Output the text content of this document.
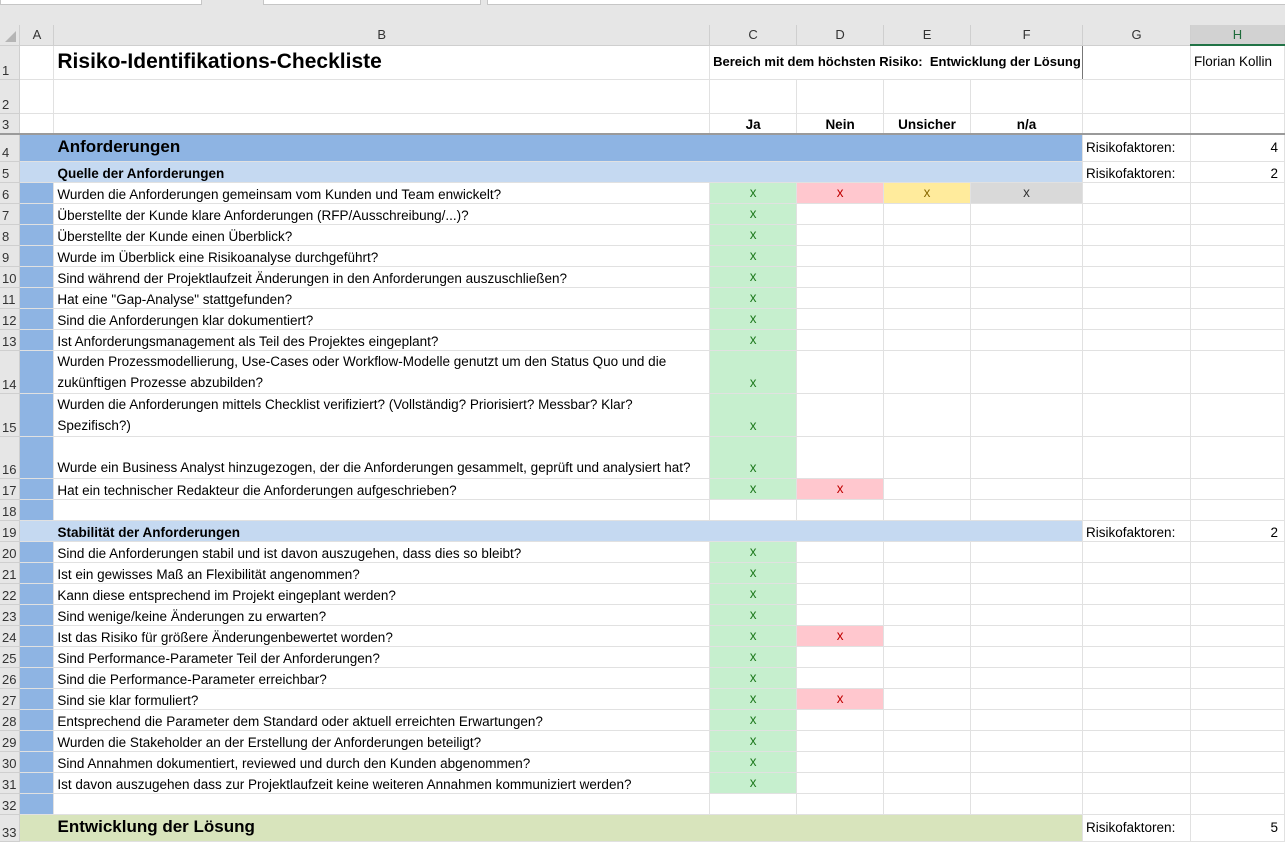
	A	B	C	D	E	F	G	H
1		Risiko-Identifikations-Checkliste	Bereich mit dem höchsten Risiko: Entwicklung der Lösung					Florian Kollin
2								
3			Ja	Nein	Unsicher	n/a		
4	Anforderungen						Risikofaktoren:	4
5	Quelle der Anforderungen						Risikofaktoren:	2
6		Wurden die Anforderungen gemeinsam vom Kunden und Team enwickelt?	x	x	x	x		
7		Überstellte der Kunde klare Anforderungen (RFP/Ausschreibung/...)?	x					
8		Überstellte der Kunde einen Überblick?	x					
9		Wurde im Überblick eine Risikoanalyse durchgeführt?	x					
10		Sind während der Projektlaufzeit Änderungen in den Anforderungen auszuschließen?	x					
11		Hat eine "Gap-Analyse" stattgefunden?	x					
12		Sind die Anforderungen klar dokumentiert?	x					
13		Ist Anforderungsmanagement als Teil des Projektes eingeplant?	x					
14		Wurden Prozessmodellierung, Use-Cases oder Workflow-Modelle genutzt um den Status Quo und die zukünftigen Prozesse abzubilden?	x					
15		Wurden die Anforderungen mittels Checklist verifiziert? (Vollständig? Priorisiert? Messbar? Klar? Spezifisch?)	x					
16		Wurde ein Business Analyst hinzugezogen, der die Anforderungen gesammelt, geprüft und analysiert hat?	x					
17		Hat ein technischer Redakteur die Anforderungen aufgeschrieben?	x	x				
18								
19	Stabilität der Anforderungen						Risikofaktoren:	2
20		Sind die Anforderungen stabil und ist davon auszugehen, dass dies so bleibt?	x					
21		Ist ein gewisses Maß an Flexibilität angenommen?	x					
22		Kann diese entsprechend im Projekt eingeplant werden?	x					
23		Sind wenige/keine Änderungen zu erwarten?	x					
24		Ist das Risiko für größere Änderungenbewertet worden?	x	x				
25		Sind Performance-Parameter Teil der Anforderungen?	x					
26		Sind die Performance-Parameter erreichbar?	x					
27		Sind sie klar formuliert?	x	x				
28		Entsprechend die Parameter dem Standard oder aktuell erreichten Erwartungen?	x					
29		Wurden die Stakeholder an der Erstellung der Anforderungen beteiligt?	x					
30		Sind Annahmen dokumentiert, reviewed und durch den Kunden abgenommen?	x					
31		Ist davon auszugehen dass zur Projektlaufzeit keine weiteren Annahmen kommuniziert werden?	x					
32								
33	Entwicklung der Lösung						Risikofaktoren:	5
